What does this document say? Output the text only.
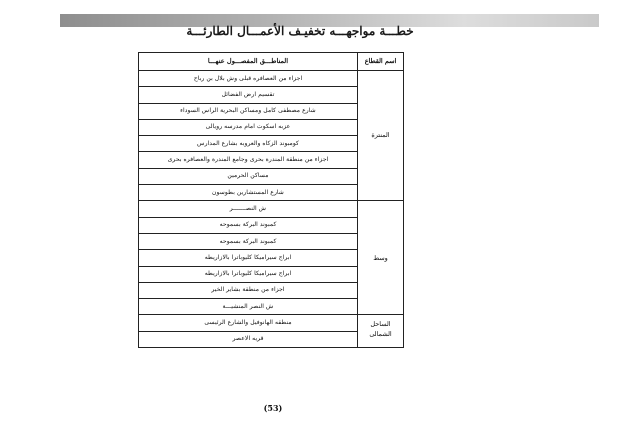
خطـــة مواجهـــه تخفيـف الأعمـــال الطارئـــة
اسم القطاع	المناطـــق المفصـــول عنهـــا
المنترة	اجزاء من العصافره قبلى وش بلال بن رباح
	تقسيم ارض الفضائل
	شارع مصطفى كامل ومساكن البحرية الراس السوداء
	عزبه اسكوت امام مدرسه رويالى
	كومبوند الزكاه والعروبه بشارع المدارس
	اجزاء من منطقة المندرة بحرى وجامع المندرة والعصافره بحرى
	مساكن الحرمين
	شارع المستشارين بطوسون
وسط	ش النصـــــــر
	كمبوند البركة بسموحه
	كمبوند البركة بسموحه
	ابراج سيراميكا كليوباترا بالازاريطه
	ابراج سيراميكا كليوباترا بالازاريطه
	اجزاء من منطقة بشاير الخير
	ش النصر المنشيـــة

الساحل
الشمالى	منطقه الهانوفيل والشارع الرئيسى
	قريه الاعصر
(53)
